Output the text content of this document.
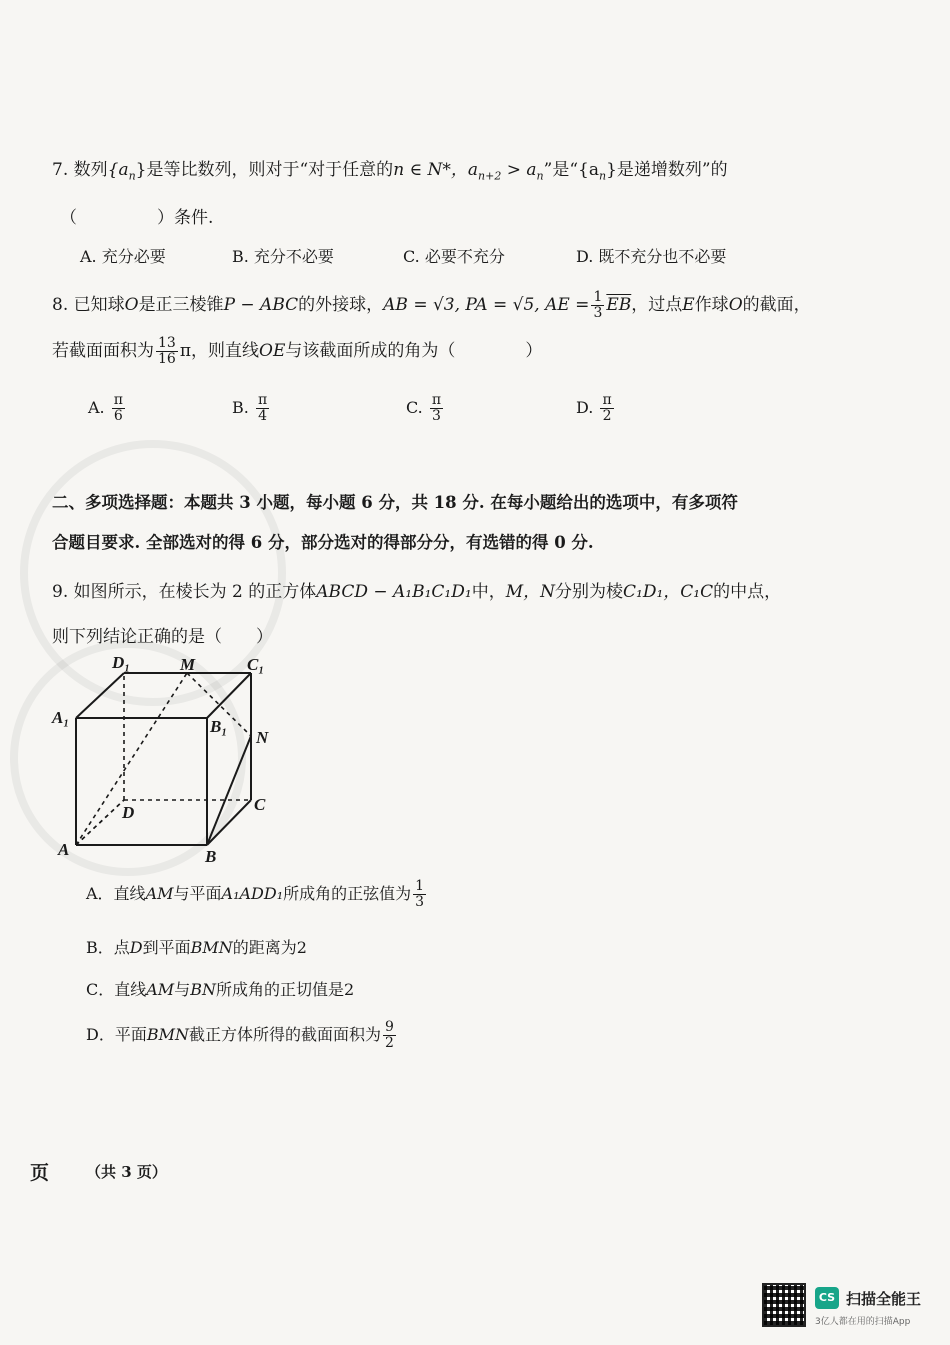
7. 数列$\{a_n\}$是等比数列，则对于“对于任意的n ∈ N*，$a_{n+2} > a_n$”是“$\{a_n\}$是递增数列”的
（	）条件.
A. 充分必要	B. 充分不必要	C. 必要不充分	D. 既不充分也不必要
8. 已知球O是正三棱锥P − ABC的外接球，AB = √3, PA = √5, AE = $\frac{1}{3} \overline{EB}$，过点E作球O的截面，
若截面面积为 $\frac{13}{16}$ π，则直线OE与该截面所成的角为（	）
A. $\frac{\pi}{6}$	B. $\frac{\pi}{4}$	C. $\frac{\pi}{3}$	D. $\frac{\pi}{2}$
二、多项选择题：本题共 3 小题，每小题 6 分，共 18 分. 在每小题给出的选项中，有多项符
合题目要求. 全部选对的得 6 分，部分选对的得部分分，有选错的得 0 分.
9. 如图所示，在棱长为 2 的正方体ABCD − A₁B₁C₁D₁中，M，N分别为棱C₁D₁，C₁C的中点，
则下列结论正确的是（　　）
D₁	M	C₁
A₁	B₁
N
D	C
A	B
A．直线AM与平面A₁ADD₁所成角的正弦值为 $\frac{1}{3}$
B．点D到平面BMN的距离为2
C．直线AM与BN所成角的正切值是2
D．平面BMN截正方体所得的截面面积为 $\frac{9}{2}$
页 （共 3 页）
CS 扫描全能王
3亿人都在用的扫描App
